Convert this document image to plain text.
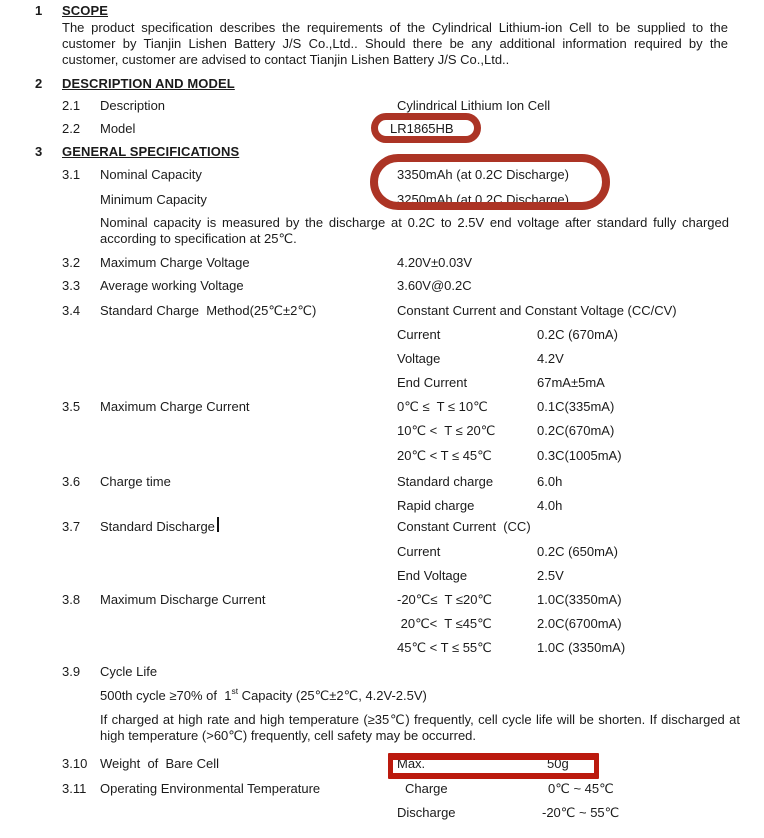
1 SCOPE

The product specification describes the requirements of the Cylindrical Lithium-ion Cell to be supplied to the customer by Tianjin Lishen Battery J/S Co.,Ltd.. Should there be any additional information required by the customer, customer are advised to contact Tianjin Lishen Battery J/S Co.,Ltd..

2 DESCRIPTION AND MODEL
2.1 Description	Cylindrical Lithium Ion Cell
2.2 Model	LR1865HB
3 GENERAL SPECIFICATIONS
3.1 Nominal Capacity	3350mAh (at 0.2C Discharge)
Minimum Capacity	3250mAh (at 0.2C Discharge)

Nominal capacity is measured by the discharge at 0.2C to 2.5V end voltage after standard fully charged according to specification at 25℃.

3.2 Maximum Charge Voltage	4.20V±0.03V
3.3 Average working Voltage	3.60V@0.2C
3.4 Standard Charge  Method(25℃±2℃)	Constant Current and Constant Voltage (CC/CV)
Current	0.2C (670mA)
Voltage	4.2V
End Current	67mA±5mA
3.5 Maximum Charge Current	0℃ ≤  T ≤ 10℃	0.1C(335mA)
10℃ <  T ≤ 20℃	0.2C(670mA)
20℃ < T ≤ 45℃	0.3C(1005mA)
3.6 Charge time	Standard charge	6.0h
Rapid charge	4.0h
3.7 Standard Discharge	Constant Current  (CC)
Current	0.2C (650mA)
End Voltage	2.5V
3.8 Maximum Discharge Current	-20℃≤  T ≤20℃	1.0C(3350mA)
20℃<  T ≤45℃	2.0C(6700mA)
45℃ < T ≤ 55℃	1.0C (3350mA)
3.9 Cycle Life

500th cycle ≥70% of  1st Capacity (25℃±2℃, 4.2V-2.5V)

If charged at high rate and high temperature (≥35℃) frequently, cell cycle life will be shorten. If discharged at high temperature (>60℃) frequently, cell safety may be occurred.

3.10 Weight  of  Bare Cell	Max.	50g
3.11 Operating Environmental Temperature	Charge	0℃ ~ 45℃
Discharge	-20℃ ~ 55℃
